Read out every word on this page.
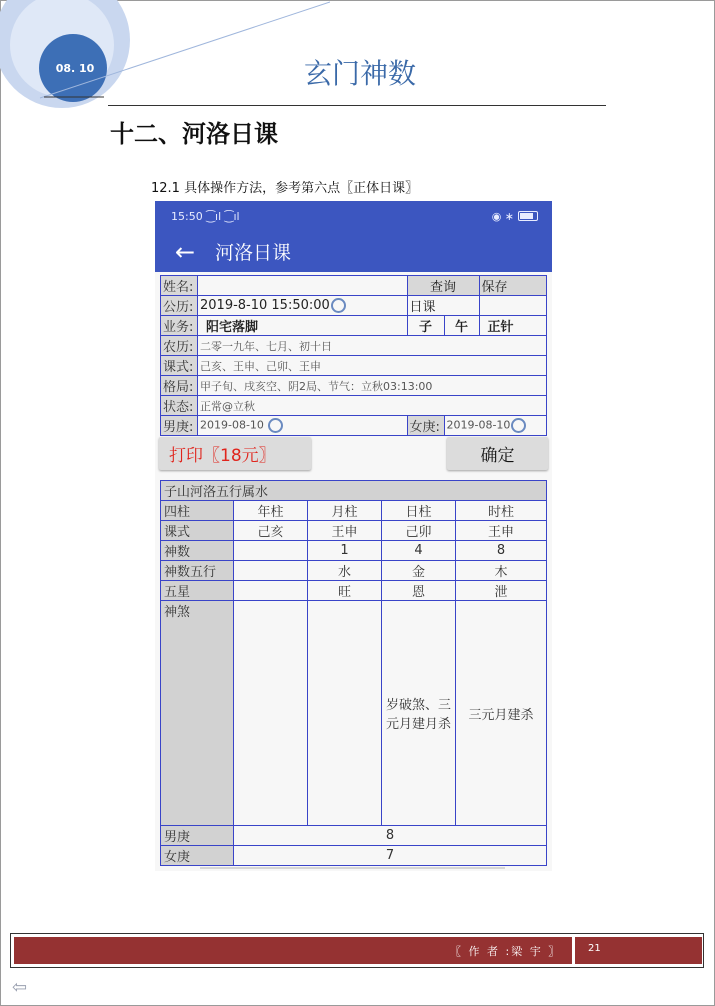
08. 10	玄门神数
十二、河洛日课
12.1 具体操作方法，参考第六点〖正体日课〗
15:50 ⁐ıl ⁐ıl	◉ ∗
←	河洛日课
姓名:		查询		保存
公历:	2019-8-10 15:50:00	日课		
业务:	阳宅落脚	子	午	正针
农历:	二零一九年、七月、初十日			
课式:	己亥、王申、己卯、王申			
格局:	甲子旬、戌亥空、阴2局、节气：立秋03:13:00			
状态:	正常@立秋			
男庚:	2019-08-10	女庚:	2019-08-10	
打印〖18元〗	确定
子山河洛五行属水				
四柱	年柱	月柱	日柱	时柱
课式	己亥	王申	己卯	王申
神数		1	4	8
神数五行		水	金	木
五星		旺	恩	泄
神煞			岁破煞、三元月建月杀	三元月建杀
男庚	8			
女庚	7			
〖 作 者 :梁 宇 〗	21
⇦
